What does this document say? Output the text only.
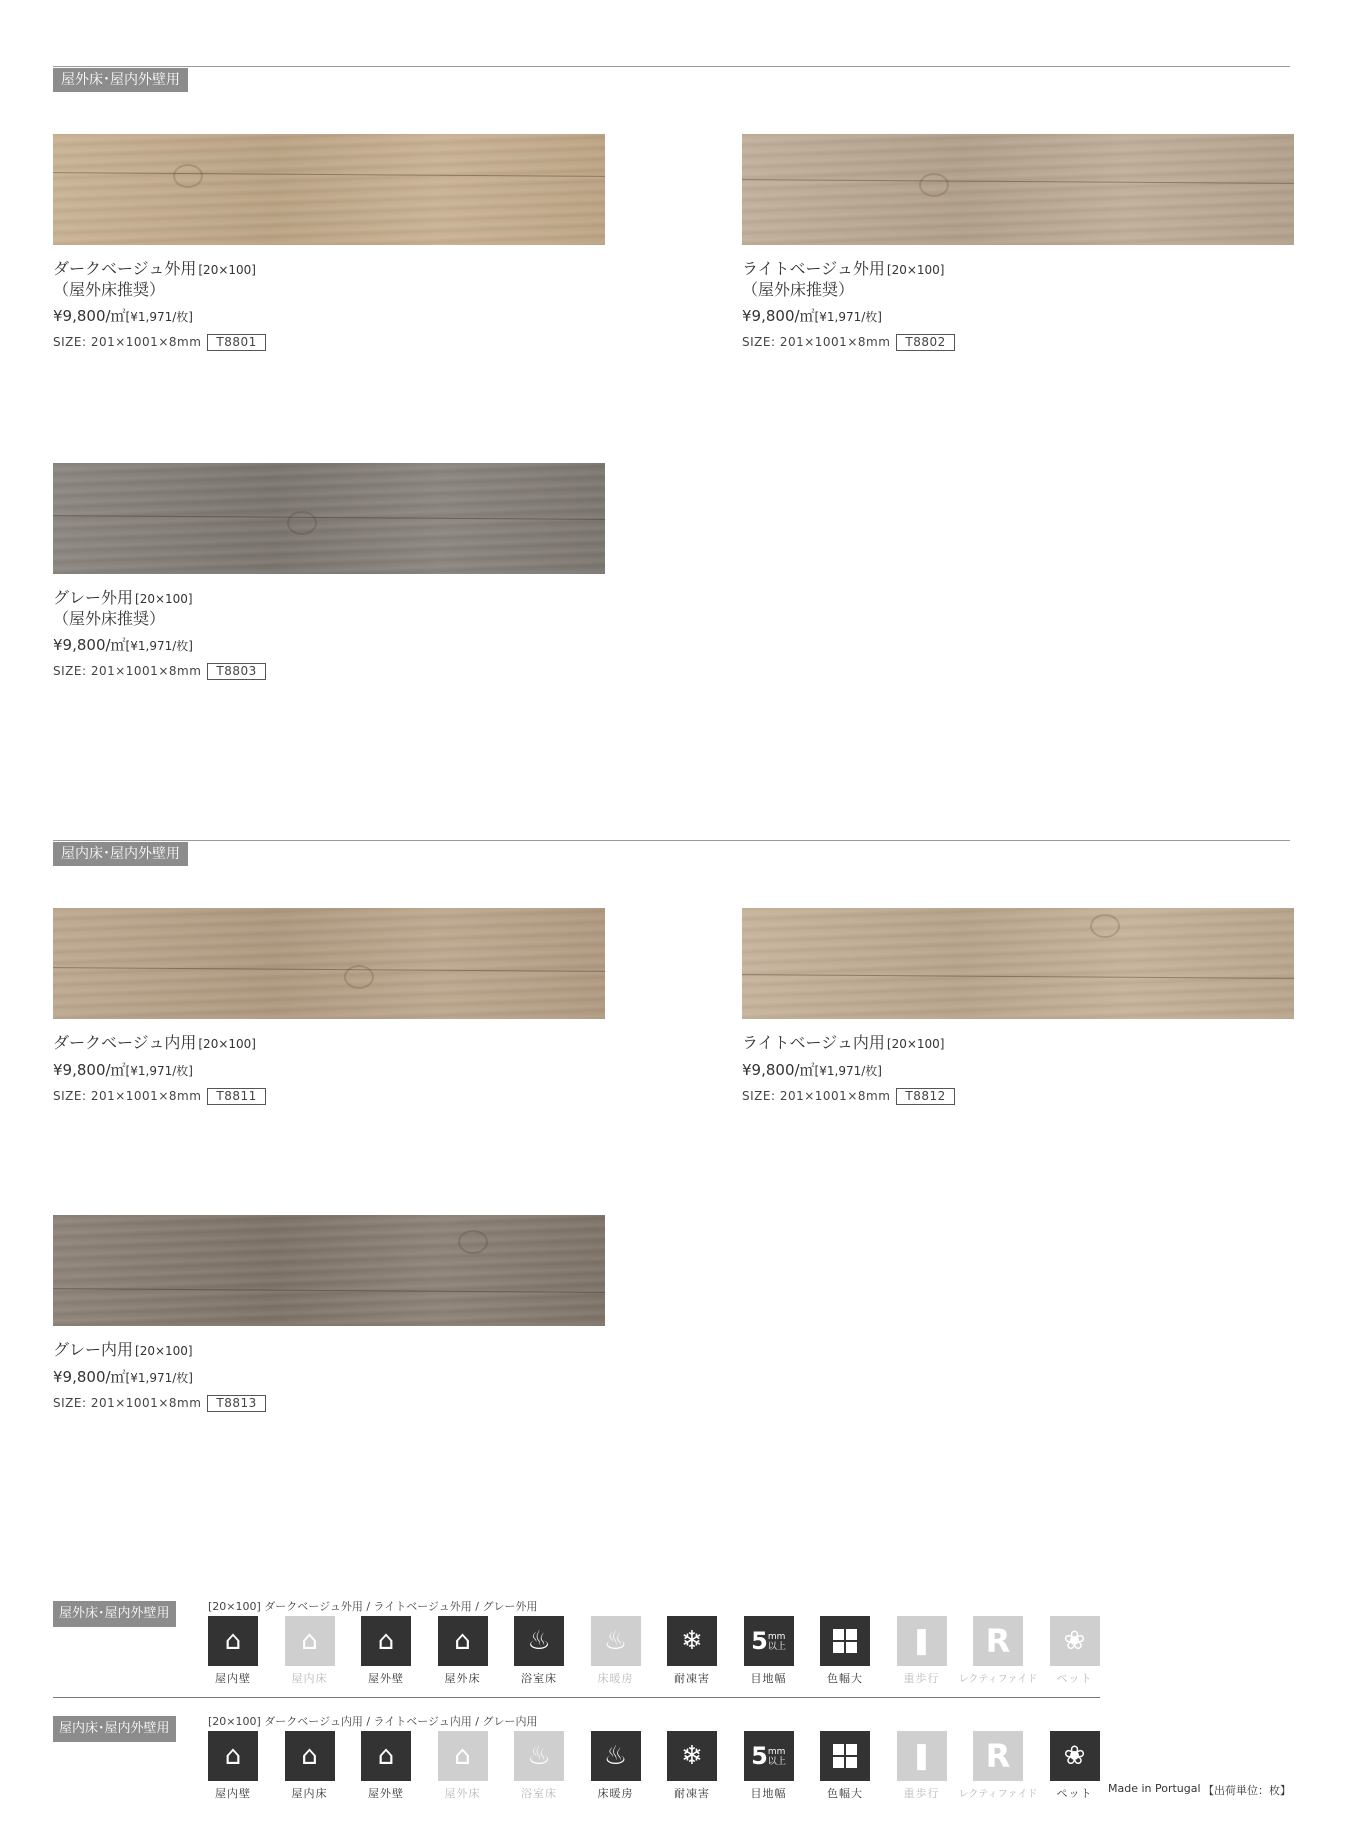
屋外床･屋内外壁用
屋内床･屋内外壁用
ダークベージュ外用 [20×100]
（屋外床推奨）
¥9,800/㎡[¥1,971/枚]
SIZE: 201×1001×8mm T8801
ライトベージュ外用 [20×100]
（屋外床推奨）
¥9,800/㎡[¥1,971/枚]
SIZE: 201×1001×8mm T8802
グレー外用 [20×100]
（屋外床推奨）
¥9,800/㎡[¥1,971/枚]
SIZE: 201×1001×8mm T8803
ダークベージュ内用 [20×100]
¥9,800/㎡[¥1,971/枚]
SIZE: 201×1001×8mm T8811
ライトベージュ内用 [20×100]
¥9,800/㎡[¥1,971/枚]
SIZE: 201×1001×8mm T8812
グレー内用 [20×100]
¥9,800/㎡[¥1,971/枚]
SIZE: 201×1001×8mm T8813
屋外床･屋内外壁用	[20×100] ダークベージュ外用 / ライトベージュ外用 / グレー外用
⌂
屋内壁
⌂
屋内床
⌂
屋外壁
⌂
屋外床
♨
浴室床
♨
床暖房
❄
耐凍害
5mm
以上
目地幅	色幅大
❚
重歩行
R
レクティファイド
❀
ペット
屋内床･屋内外壁用	[20×100] ダークベージュ内用 / ライトベージュ内用 / グレー内用
⌂
屋内壁
⌂
屋内床
⌂
屋外壁
⌂
屋外床
♨
浴室床
♨
床暖房
❄
耐凍害
5mm
以上
目地幅	色幅大
❚
重歩行
R
レクティファイド
❀
ペット	Made in Portugal 【出荷単位：枚】
